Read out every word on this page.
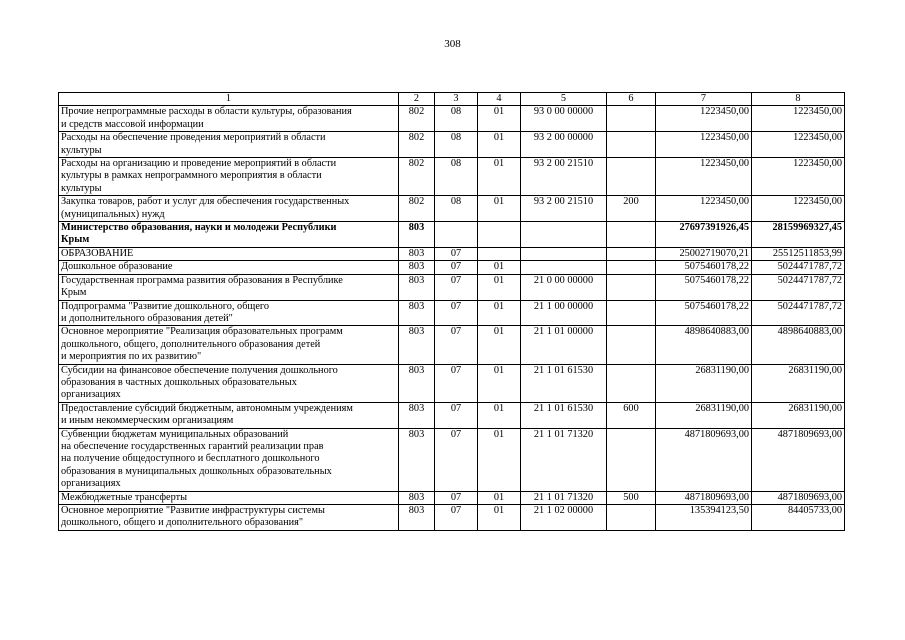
308
1	2	3	4	5	6	7	8
Прочие непрограммные расходы в области культуры, образования
и средств массовой информации	802	08	01	93 0 00 00000		1223450,00	1223450,00
Расходы на обеспечение проведения мероприятий в области
культуры	802	08	01	93 2 00 00000		1223450,00	1223450,00
Расходы на организацию и проведение мероприятий в области
культуры в рамках непрограммного мероприятия в области
культуры	802	08	01	93 2 00 21510		1223450,00	1223450,00
Закупка товаров, работ и услуг для обеспечения государственных
(муниципальных) нужд	802	08	01	93 2 00 21510	200	1223450,00	1223450,00
Министерство образования, науки и молодежи Республики
Крым	803					27697391926,45	28159969327,45
ОБРАЗОВАНИЕ	803	07				25002719070,21	25512511853,99
Дошкольное образование	803	07	01			5075460178,22	5024471787,72
Государственная программа развития образования в Республике
Крым	803	07	01	21 0 00 00000		5075460178,22	5024471787,72
Подпрограмма "Развитие дошкольного, общего
и дополнительного образования детей"	803	07	01	21 1 00 00000		5075460178,22	5024471787,72
Основное мероприятие "Реализация образовательных программ
дошкольного, общего, дополнительного образования детей
и мероприятия по их развитию"	803	07	01	21 1 01 00000		4898640883,00	4898640883,00
Субсидии на финансовое обеспечение получения дошкольного
образования в частных дошкольных образовательных
организациях	803	07	01	21 1 01 61530		26831190,00	26831190,00
Предоставление субсидий бюджетным, автономным учреждениям
и иным некоммерческим организациям	803	07	01	21 1 01 61530	600	26831190,00	26831190,00
Субвенции бюджетам муниципальных образований
на обеспечение государственных гарантий реализации прав
на получение общедоступного и бесплатного дошкольного
образования в муниципальных дошкольных образовательных
организациях	803	07	01	21 1 01 71320		4871809693,00	4871809693,00
Межбюджетные трансферты	803	07	01	21 1 01 71320	500	4871809693,00	4871809693,00
Основное мероприятие "Развитие инфраструктуры системы
дошкольного, общего и дополнительного образования"	803	07	01	21 1 02 00000		135394123,50	84405733,00
